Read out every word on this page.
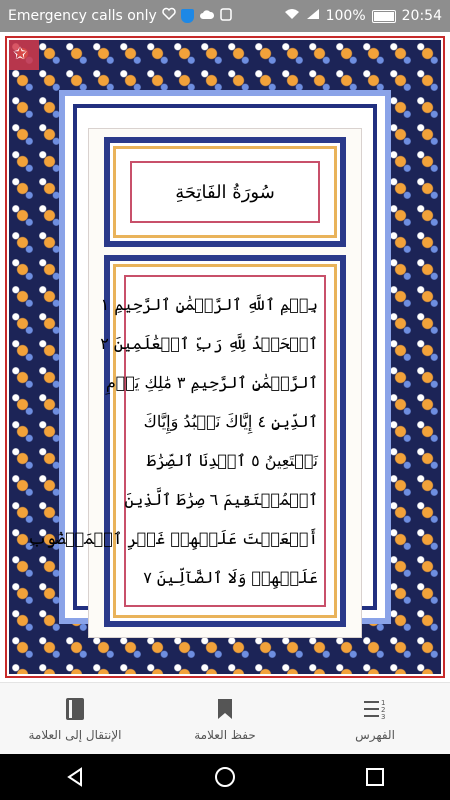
Emergency calls only	100%	20:54
✩
سُورَةُ الفَاتِحَةِ
بِسۡمِ ٱللَّهِ ٱلرَّحۡمَٰنِ ٱلرَّحِيمِ ١
ٱلۡحَمۡدُ لِلَّهِ رَبِّ ٱلۡعَٰلَمِينَ ٢
ٱلرَّحۡمَٰنِ ٱلرَّحِيمِ ٣ مَٰلِكِ يَوۡمِ
ٱلدِّينِ ٤ إِيَّاكَ نَعۡبُدُ وَإِيَّاكَ
نَسۡتَعِينُ ٥ ٱهۡدِنَا ٱلصِّرَٰطَ
ٱلۡمُسۡتَقِيمَ ٦ صِرَٰطَ ٱلَّذِينَ
أَنۡعَمۡتَ عَلَيۡهِمۡ غَيۡرِ ٱلۡمَغۡضُوبِ
عَلَيۡهِمۡ وَلَا ٱلضَّآلِّينَ ٧
الإنتقال إلى العلامة	حفظ العلامة
1
2
3
الفهرس
